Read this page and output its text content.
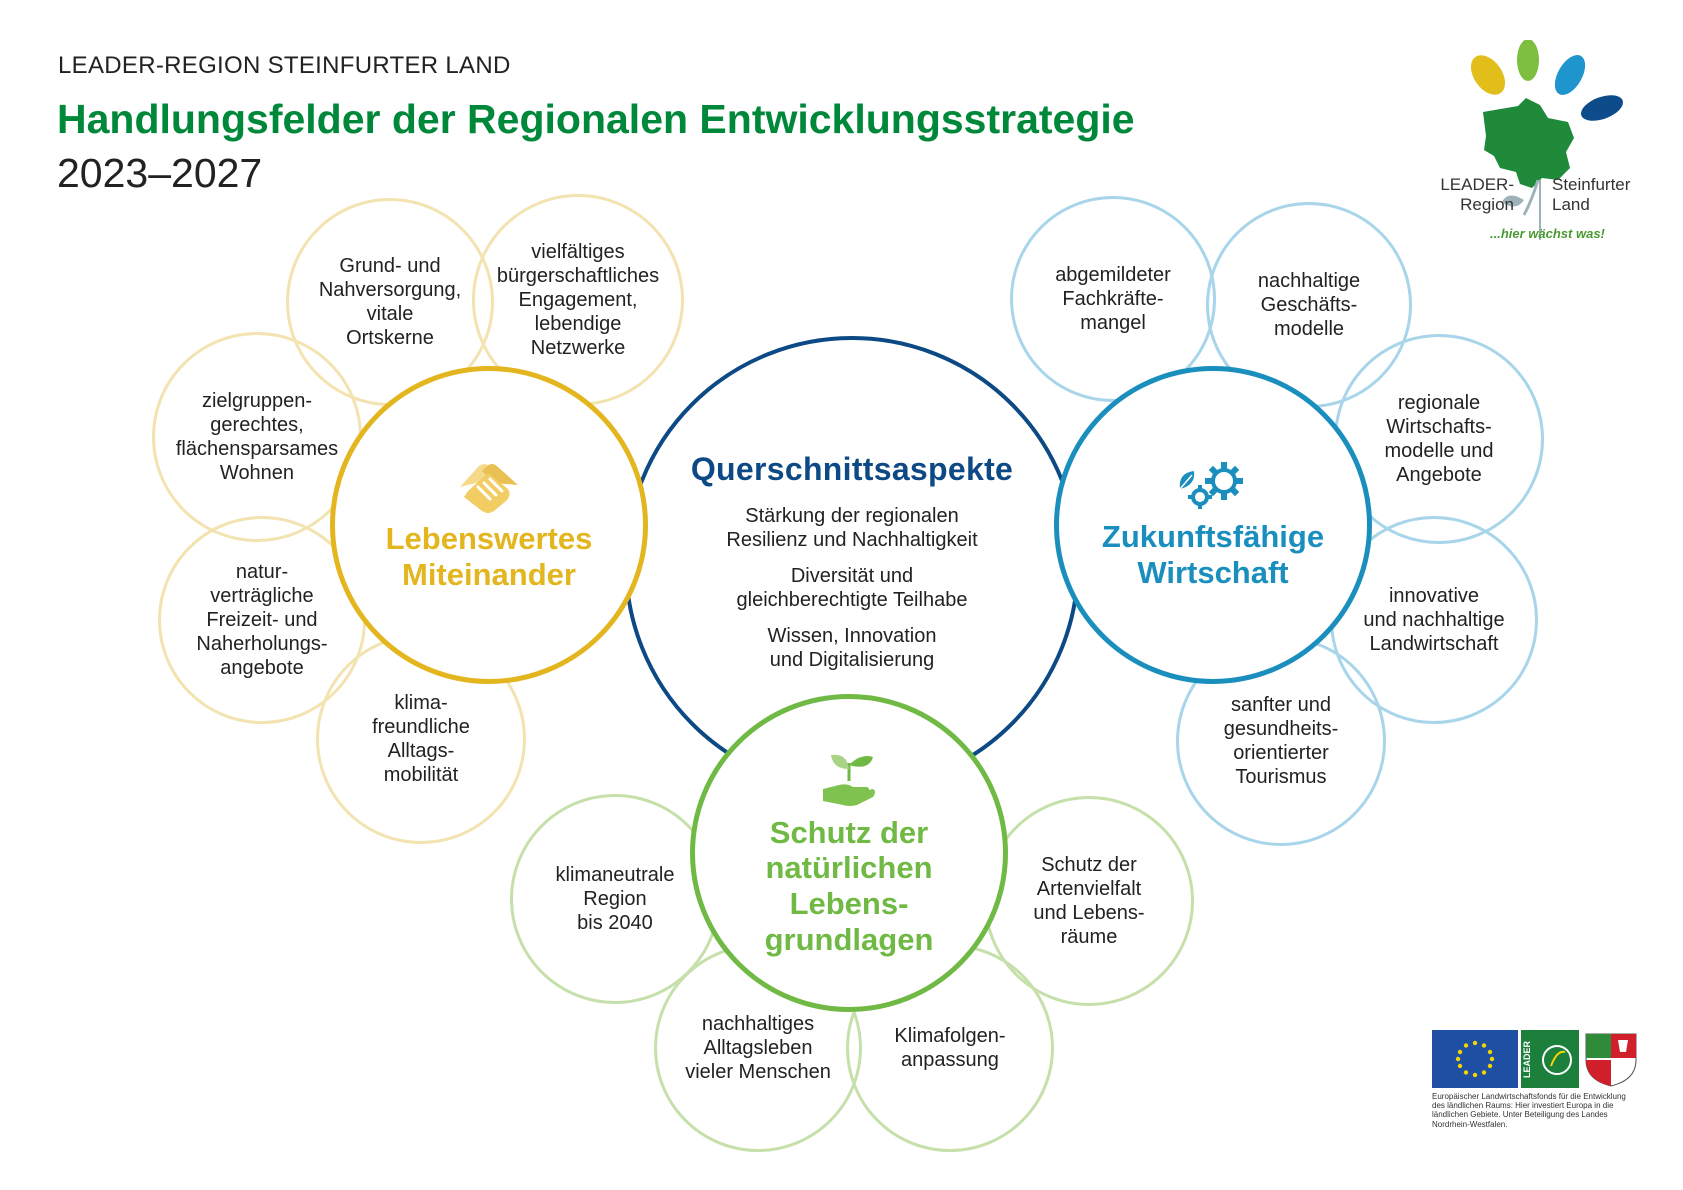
LEADER-REGION STEINFURTER LAND
Handlungsfelder der Regionalen Entwicklungsstrategie
2023–2027	LEADER-
Region
Steinfurter
Land
...hier wächst was!
Grund- und
Nahversorgung,
vitale
Ortskerne
vielfältiges
bürgerschaftliches
Engagement,
lebendige
Netzwerke
zielgruppen-
gerechtes,
flächensparsames
Wohnen
natur-
verträgliche
Freizeit- und
Naherholungs-
angebote
klima-
freundliche
Alltags-
mobilität
abgemildeter
Fachkräfte-
mangel
nachhaltige
Geschäfts-
modelle
regionale
Wirtschafts-
modelle und
Angebote
innovative
und nachhaltige
Landwirtschaft
sanfter und
gesundheits-
orientierter
Tourismus
klimaneutrale
Region
bis 2040
Schutz der
Artenvielfalt
und Lebens-
räume
nachhaltiges
Alltagsleben
vieler Menschen
Klimafolgen-
anpassung
Querschnittsaspekte
Stärkung der regionalen
Resilienz und Nachhaltigkeit
Diversität und
gleichberechtigte Teilhabe
Wissen, Innovation
und Digitalisierung
Lebenswertes
Miteinander
Zukunftsfähige
Wirtschaft
Schutz der
natürlichen
Lebens-
grundlagen
LEADER
Europäischer Landwirtschaftsfonds für die Entwicklung
des ländlichen Raums: Hier investiert Europa in die
ländlichen Gebiete. Unter Beteiligung des Landes
Nordrhein-Westfalen.
